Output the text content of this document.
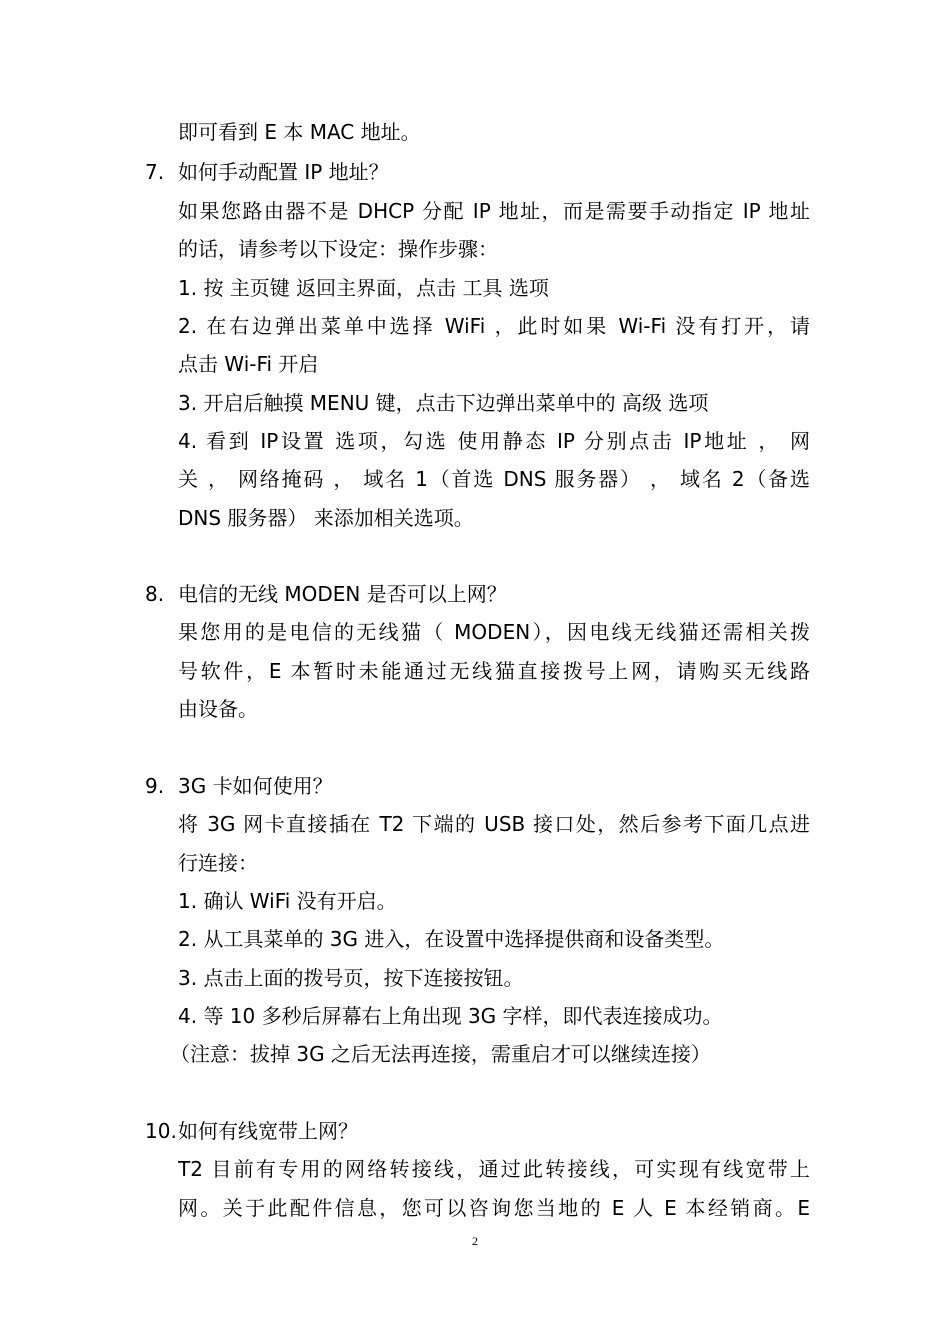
即可看到 E 本 MAC 地址。
7. 如何手动配置 IP 地址？
如果您路由器不是 DHCP 分配 IP 地址，而是需要手动指定 IP 地址
的话，请参考以下设定：操作步骤：
1. 按 主页键 返回主界面，点击 工具 选项
2. 在右边弹出菜单中选择 WiFi ，此时如果 Wi-Fi 没有打开，请
点击 Wi-Fi 开启
3. 开启后触摸 MENU 键，点击下边弹出菜单中的 高级 选项
4. 看到 IP设置 选项，勾选 使用静态 IP 分别点击 IP地址 ， 网
关 ， 网络掩码 ， 域名 1（首选 DNS 服务器） ， 域名 2（备选
DNS 服务器） 来添加相关选项。
8. 电信的无线 MODEN 是否可以上网？
果您用的是电信的无线猫（ MODEN），因电线无线猫还需相关拨
号软件，E 本暂时未能通过无线猫直接拨号上网，请购买无线路
由设备。
9. 3G 卡如何使用？
将 3G 网卡直接插在 T2 下端的 USB 接口处，然后参考下面几点进
行连接：
1. 确认 WiFi 没有开启。
2. 从工具菜单的 3G 进入，在设置中选择提供商和设备类型。
3. 点击上面的拨号页，按下连接按钮。
4. 等 10 多秒后屏幕右上角出现 3G 字样，即代表连接成功。
（注意：拔掉 3G 之后无法再连接，需重启才可以继续连接）
10. 如何有线宽带上网？
T2 目前有专用的网络转接线，通过此转接线，可实现有线宽带上
网。关于此配件信息，您可以咨询您当地的 E 人 E 本经销商。E
2
